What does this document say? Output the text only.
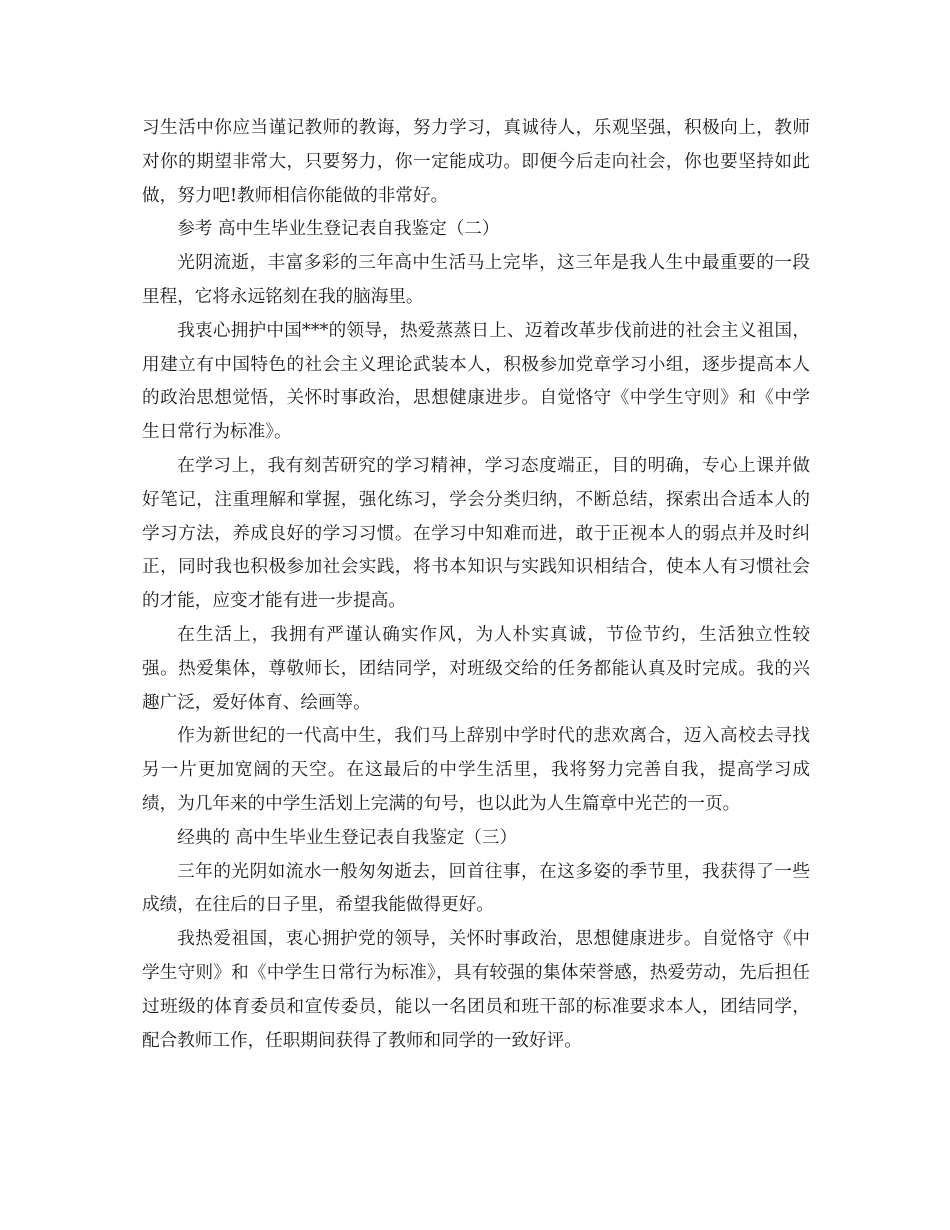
习生活中你应当谨记教师的教诲，努力学习，真诚待人，乐观坚强，积极向上，教师对你的期望非常大，只要努力，你一定能成功。即便今后走向社会，你也要坚持如此做，努力吧!教师相信你能做的非常好。

参考 高中生毕业生登记表自我鉴定（二）

光阴流逝，丰富多彩的三年高中生活马上完毕，这三年是我人生中最重要的一段里程，它将永远铭刻在我的脑海里。

我衷心拥护中国***的领导，热爱蒸蒸日上、迈着改革步伐前进的社会主义祖国，用建立有中国特色的社会主义理论武装本人，积极参加党章学习小组，逐步提高本人的政治思想觉悟，关怀时事政治，思想健康进步。自觉恪守《中学生守则》和《中学生日常行为标准》。

在学习上，我有刻苦研究的学习精神，学习态度端正，目的明确，专心上课并做好笔记，注重理解和掌握，强化练习，学会分类归纳，不断总结，探索出合适本人的学习方法，养成良好的学习习惯。在学习中知难而进，敢于正视本人的弱点并及时纠正，同时我也积极参加社会实践，将书本知识与实践知识相结合，使本人有习惯社会的才能，应变才能有进一步提高。

在生活上，我拥有严谨认确实作风，为人朴实真诚，节俭节约，生活独立性较强。热爱集体，尊敬师长，团结同学，对班级交给的任务都能认真及时完成。我的兴趣广泛，爱好体育、绘画等。

作为新世纪的一代高中生，我们马上辞别中学时代的悲欢离合，迈入高校去寻找另一片更加宽阔的天空。在这最后的中学生活里，我将努力完善自我，提高学习成绩，为几年来的中学生活划上完满的句号，也以此为人生篇章中光芒的一页。

经典的 高中生毕业生登记表自我鉴定（三）

三年的光阴如流水一般匆匆逝去，回首往事，在这多姿的季节里，我获得了一些成绩，在往后的日子里，希望我能做得更好。

我热爱祖国，衷心拥护党的领导，关怀时事政治，思想健康进步。自觉恪守《中学生守则》和《中学生日常行为标准》，具有较强的集体荣誉感，热爱劳动，先后担任过班级的体育委员和宣传委员，能以一名团员和班干部的标准要求本人，团结同学，配合教师工作，任职期间获得了教师和同学的一致好评。
